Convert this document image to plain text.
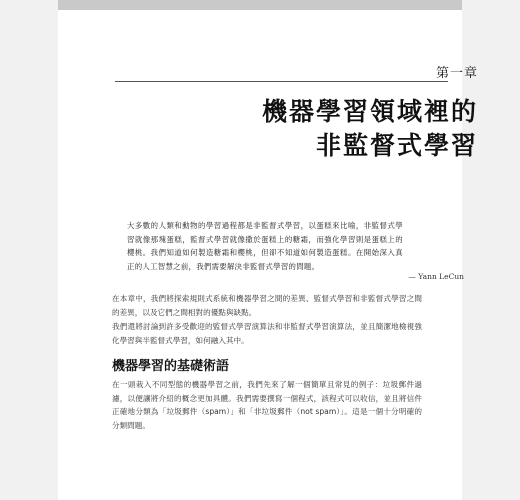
第一章
機器學習領域裡的
非監督式學習
大多數的人類和動物的學習過程都是非監督式學習，以蛋糕來比喻，非監督式學習就像那塊蛋糕，監督式學習就像撒於蛋糕上的糖霜，而強化學習則是蛋糕上的櫻桃。我們知道如何製造糖霜和櫻桃，但卻不知道如何製造蛋糕。在開始深入真正的人工智慧之前，我們需要解決非監督式學習的問題。
— Yann LeCun
在本章中，我們將探索規則式系統和機器學習之間的差異、監督式學習和非監督式學習之間的差異，以及它們之間相對的優點與缺點。
我們還將討論到許多受歡迎的監督式學習演算法和非監督式學習演算法，並且簡潔地檢視強化學習與半監督式學習，如何融入其中。
機器學習的基礎術語
在一頭栽入不同型態的機器學習之前，我們先來了解一個簡單且常見的例子：垃圾郵件過濾，以便讓將介紹的概念更加具體。我們需要撰寫一個程式，該程式可以收信，並且將信件正確地分類為「垃圾郵件（spam）」和「非垃圾郵件（not spam）」。這是一個十分明確的分類問題。
